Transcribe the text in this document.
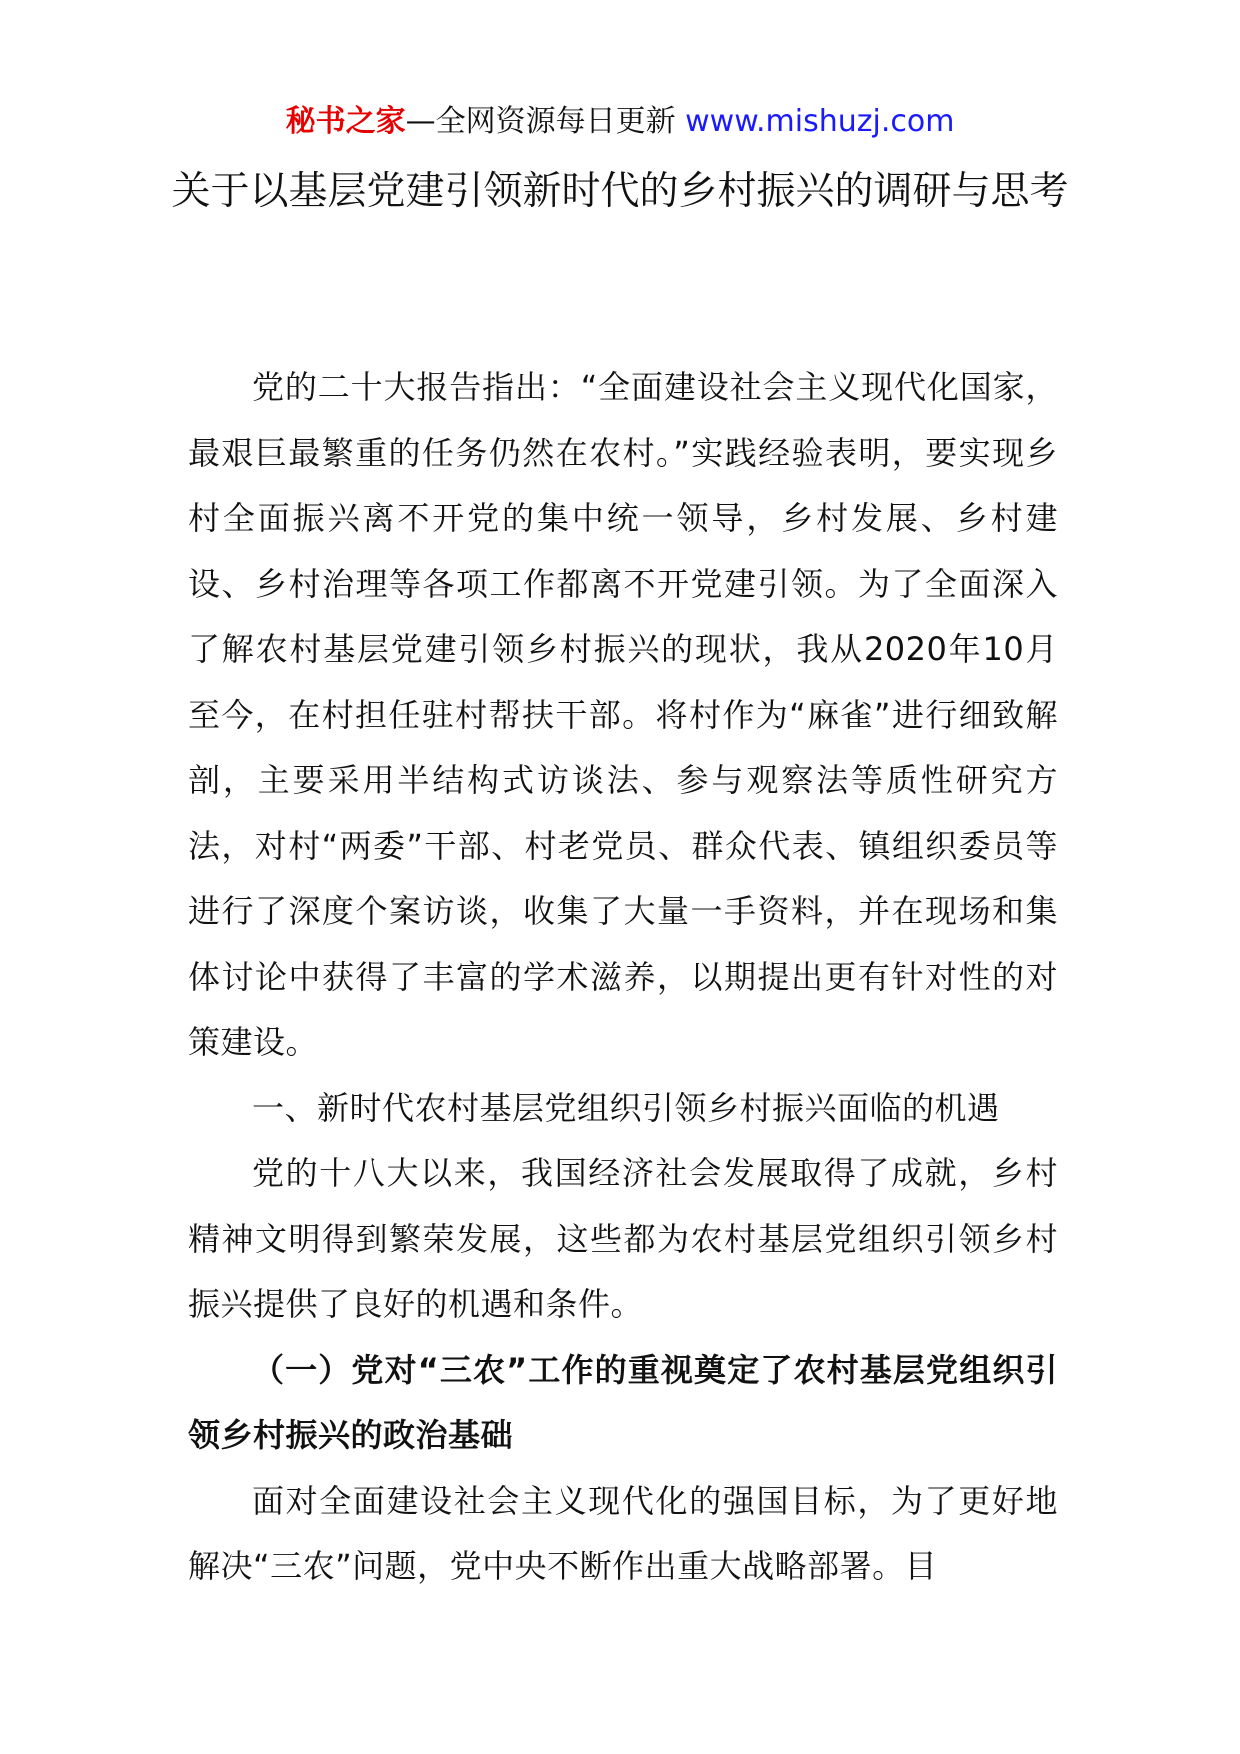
秘书之家—全网资源每日更新 www.mishuzj.com
关于以基层党建引领新时代的乡村振兴的调研与思考

党的二十大报告指出：“全面建设社会主义现代化国家，最艰巨最繁重的任务仍然在农村。”实践经验表明，要实现乡村全面振兴离不开党的集中统一领导，乡村发展、乡村建设、乡村治理等各项工作都离不开党建引领。为了全面深入了解农村基层党建引领乡村振兴的现状，我从2020年10月至今，在村担任驻村帮扶干部。将村作为“麻雀”进行细致解剖，主要采用半结构式访谈法、参与观察法等质性研究方法，对村“两委”干部、村老党员、群众代表、镇组织委员等进行了深度个案访谈，收集了大量一手资料，并在现场和集体讨论中获得了丰富的学术滋养，以期提出更有针对性的对策建设。

一、新时代农村基层党组织引领乡村振兴面临的机遇

党的十八大以来，我国经济社会发展取得了成就，乡村精神文明得到繁荣发展，这些都为农村基层党组织引领乡村振兴提供了良好的机遇和条件。

（一）党对“三农”工作的重视奠定了农村基层党组织引领乡村振兴的政治基础

面对全面建设社会主义现代化的强国目标，为了更好地解决“三农”问题，党中央不断作出重大战略部署。目
